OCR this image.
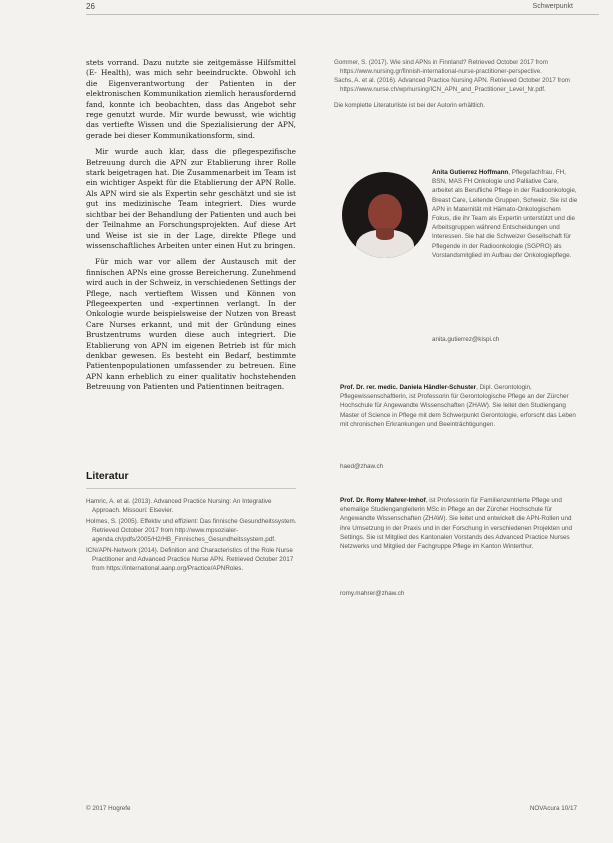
26	Schwerpunkt

stets vorrand. Dazu nutzte sie zeitgemässe Hilfsmittel (E- Health), was mich sehr beeindruckte. Obwohl ich die Eigenverantwortung der Patienten in der elektronischen Kommunikation ziemlich herausfordernd fand, konnte ich beobachten, dass das Angebot sehr rege genutzt wurde. Mir wurde bewusst, wie wichtig das vertiefte Wissen und die Spezialisierung der APN, gerade bei dieser Kommunikationsform, sind.

Mir wurde auch klar, dass die pflegespezifische Betreuung durch die APN zur Etablierung ihrer Rolle stark beigetragen hat. Die Zusammenarbeit im Team ist ein wichtiger Aspekt für die Etablierung der APN Rolle. Als APN wird sie als Expertin sehr geschätzt und sie ist gut ins medizinische Team integriert. Dies wurde sichtbar bei der Behandlung der Patienten und auch bei der Teilnahme an Forschungsprojekten. Auf diese Art und Weise ist sie in der Lage, direkte Pflege und wissenschaftliches Arbeiten unter einen Hut zu bringen.

Für mich war vor allem der Austausch mit der finnischen APNs eine grosse Bereicherung. Zunehmend wird auch in der Schweiz, in verschiedenen Settings der Pflege, nach vertieftem Wissen und Können von Pflegeexperten und -expertinnen verlangt. In der Onkologie wurde beispielsweise der Nutzen von Breast Care Nurses erkannt, und mit der Gründung eines Brustzentrums wurden diese auch integriert. Die Etablierung von APN im eigenen Betrieb ist für mich denkbar gewesen. Es besteht ein Bedarf, bestimmte Patientenpopulationen umfassender zu betreuen. Eine APN kann erheblich zu einer qualitativ hochstehenden Betreuung von Patienten und Patientinnen beitragen.

Literatur
Hamric, A. et al. (2013). Advanced Practice Nursing: An Integrative Approach. Missouri: Elsevier.
Holmes, S. (2005). Effektiv und effizient: Das finnische Gesundheitssystem. Retrieved October 2017 from http://www.mpsozialer-agenda.ch/pdfs/2005/H2/HB_Finnisches_Gesundheitssystem.pdf.
ICN/APN-Network (2014). Definition and Characteristics of the Role Nurse Practitioner and Advanced Practice Nurse APN. Retrieved October 2017 from https://international.aanp.org/Practice/APNRoles.
Gommer, S. (2017). Wie sind APNs in Finnland? Retrieved October 2017 from https://www.nursing.gr/finnish-international-nurse-practitioner-perspective.
Sachs, A. et al. (2016). Advanced Practice Nursing APN. Retrieved October 2017 from https://www.nurse.ch/wp/nursing/ICN_APN_and_Practitioner_Level_Nr.pdf.
Die komplette Literaturliste ist bei der Autorin erhältlich.
Anita Gutierrez Hoffmann, Pflegefachfrau, FH, BSN, MAS FH Onkologie und Palliative Care, arbeitet als Berufliche Pflege in der Radioonkologie, Breast Care, Leitende Gruppen, Schweiz. Sie ist die APN in Maternität mit Hämato-Onkologischem Fokus, die ihr Team als Expertin unterstützt und die Arbeitsgruppen während Entscheidungen und Interessen. Sie hat die Schweizer Gesellschaft für Pflegende in der Radioonkologie (SGPRO) als Vorstandsmitglied im Aufbau der Onkologiepflege.
anita.gutierrez@kispi.ch
Prof. Dr. rer. medic. Daniela Händler-Schuster, Dipl. Gerontologin, Pflegewissenschaftlerin, ist Professorin für Gerontologische Pflege an der Zürcher Hochschule für Angewandte Wissenschaften (ZHAW). Sie leitet den Studiengang Master of Science in Pflege mit dem Schwerpunkt Gerontologie, erforscht das Leben mit chronischen Erkrankungen und Beeinträchtigungen.
haed@zhaw.ch
Prof. Dr. Romy Mahrer-Imhof, ist Professorin für Familienzentrierte Pflege und ehemalige Studiengangleiterin MSc in Pflege an der Zürcher Hochschule für Angewandte Wissenschaften (ZHAW). Sie leitet und entwickelt die APN-Rollen und ihre Umsetzung in der Praxis und in der Forschung in verschiedenen Projekten und Settings. Sie ist Mitglied des Kantonalen Vorstands des Advanced Practice Nurses Netzwerks und Mitglied der Fachgruppe Pflege im Kanton Winterthur.
romy.mahrer@zhaw.ch
© 2017 Hogrefe	NOVAcura 10/17
